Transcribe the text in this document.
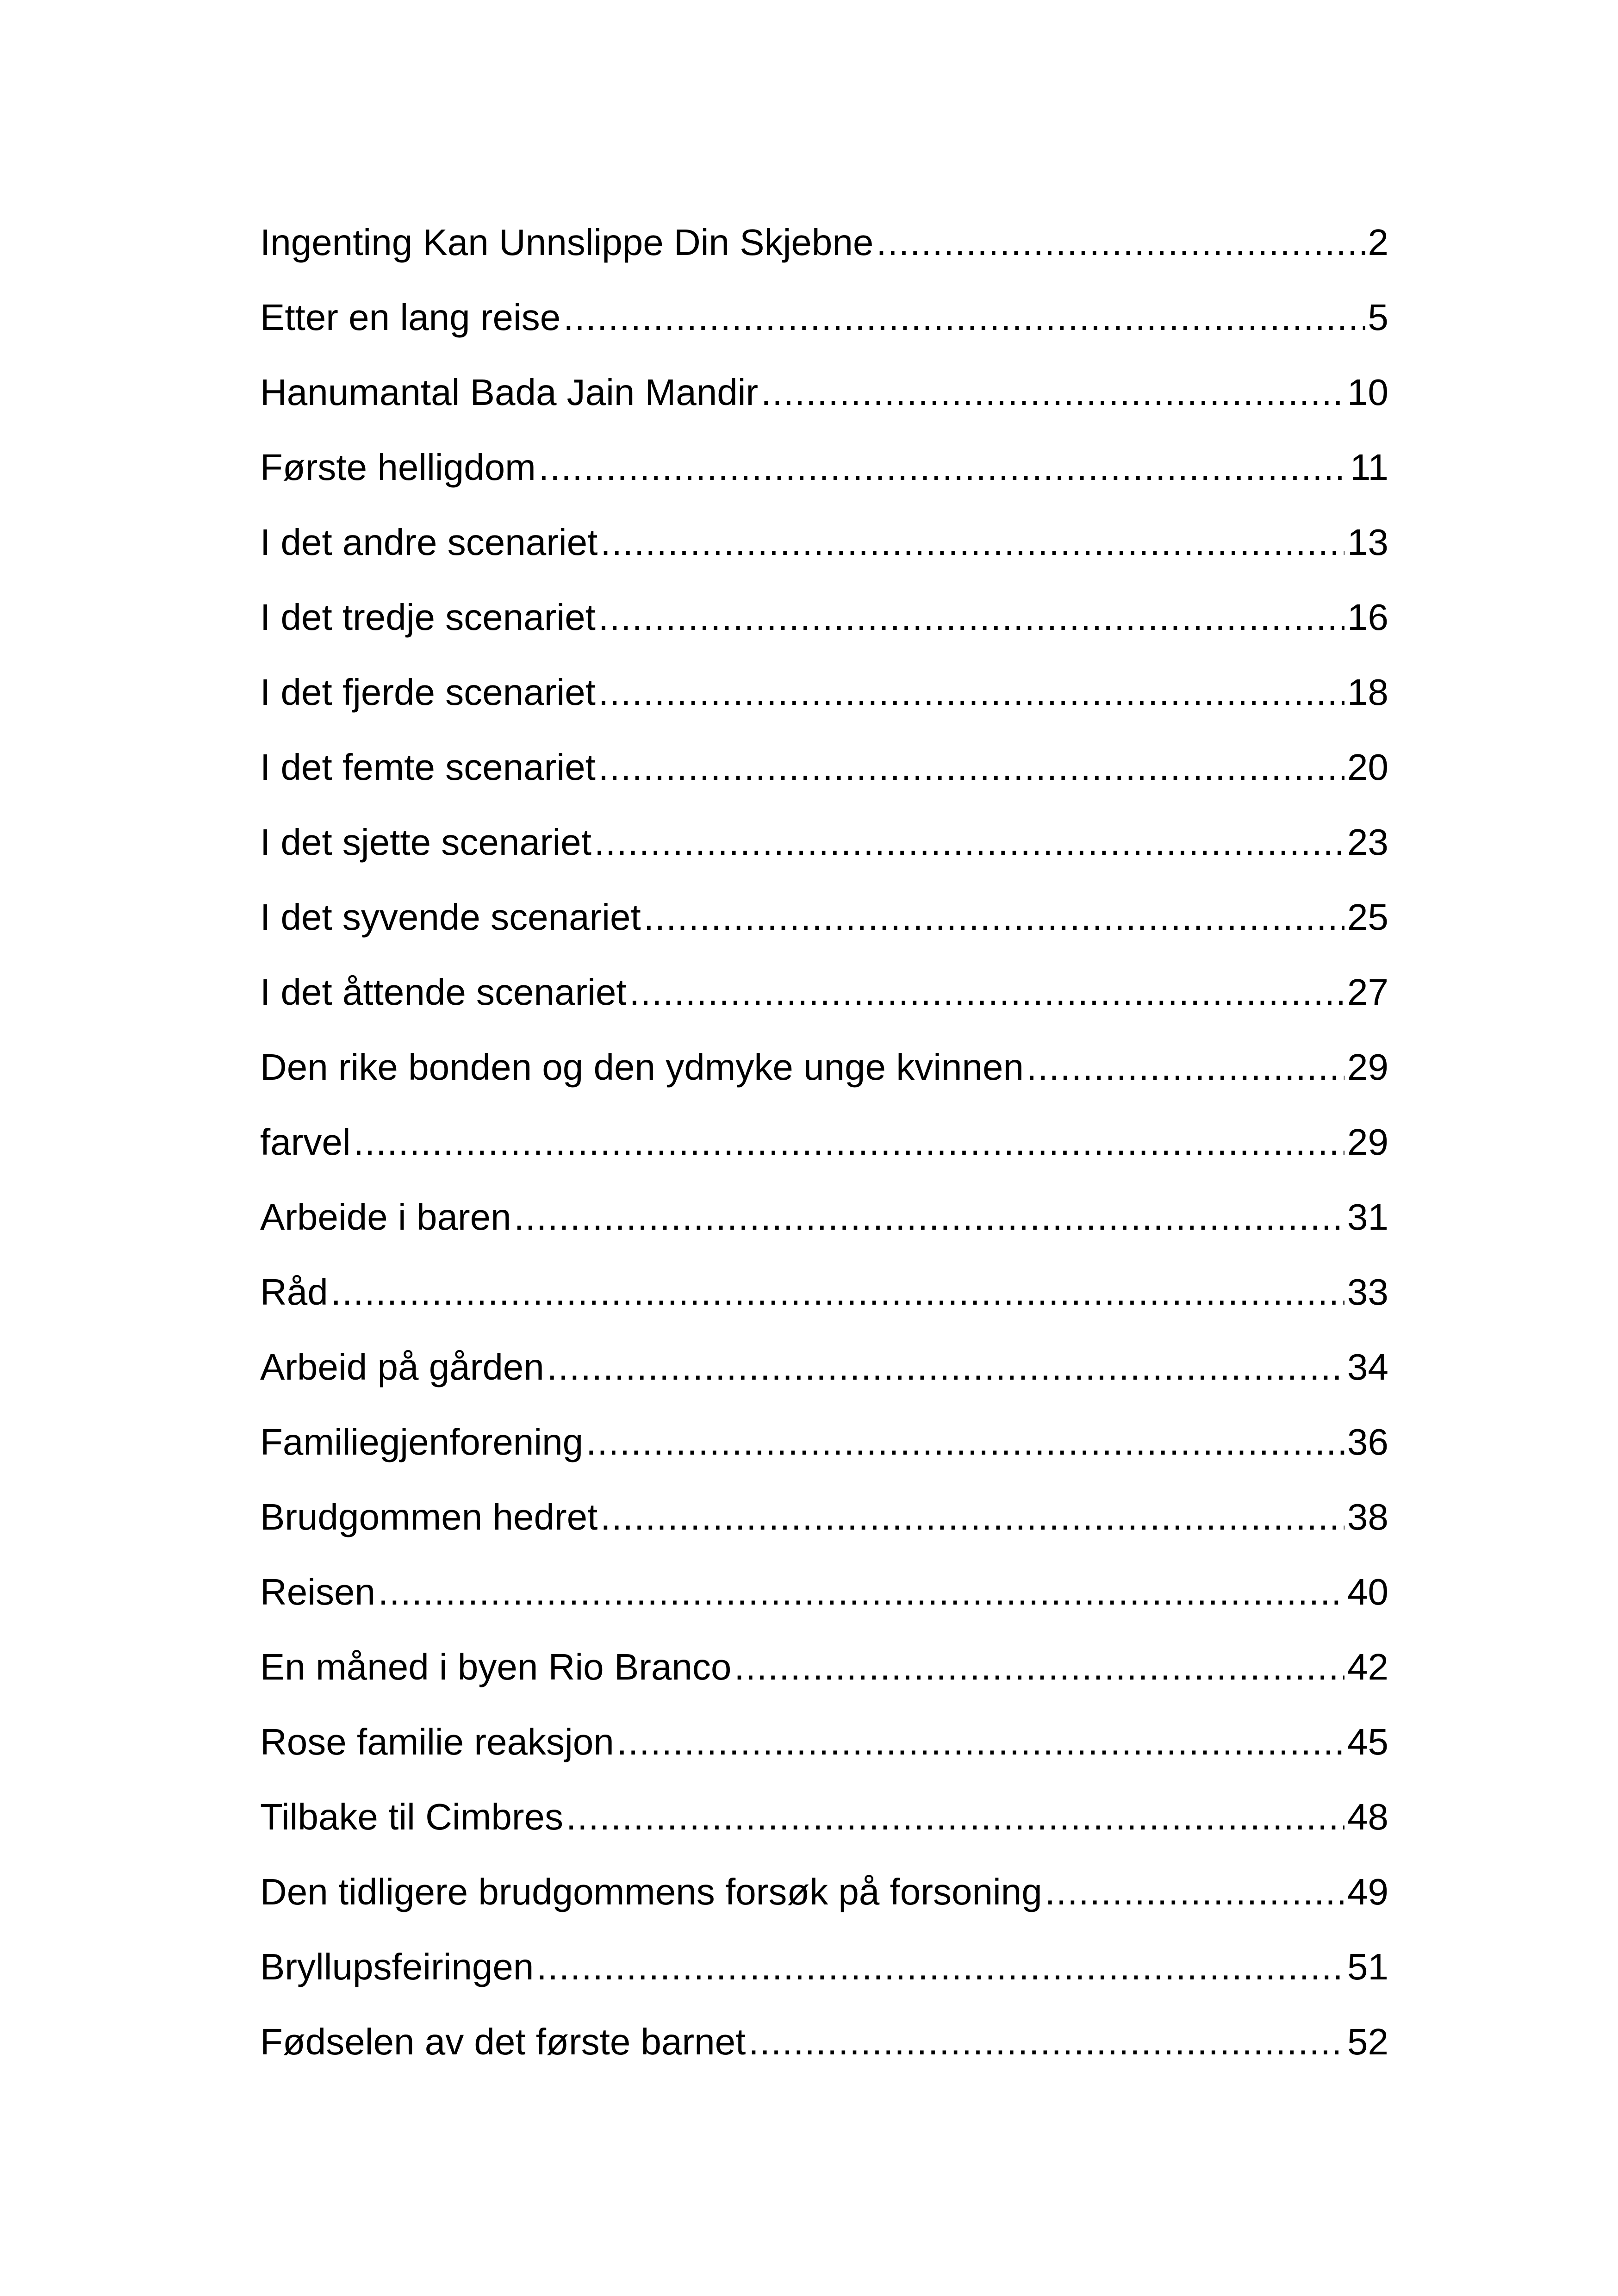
Ingenting Kan Unnslippe Din Skjebne .....	2
Etter en lang reise .....	5
Hanumantal Bada Jain Mandir .....	10
Første helligdom .....	11
I det andre scenariet .....	13
I det tredje scenariet .....	16
I det fjerde scenariet .....	18
I det femte scenariet .....	20
I det sjette scenariet .....	23
I det syvende scenariet .....	25
I det åttende scenariet .....	27
Den rike bonden og den ydmyke unge kvinnen .....	29
farvel .....	29
Arbeide i baren .....	31
Råd .....	33
Arbeid på gården .....	34
Familiegjenforening .....	36
Brudgommen hedret .....	38
Reisen .....	40
En måned i byen Rio Branco .....	42
Rose familie reaksjon .....	45
Tilbake til Cimbres .....	48
Den tidligere brudgommens forsøk på forsoning .....	49
Bryllupsfeiringen .....	51
Fødselen av det første barnet .....	52
